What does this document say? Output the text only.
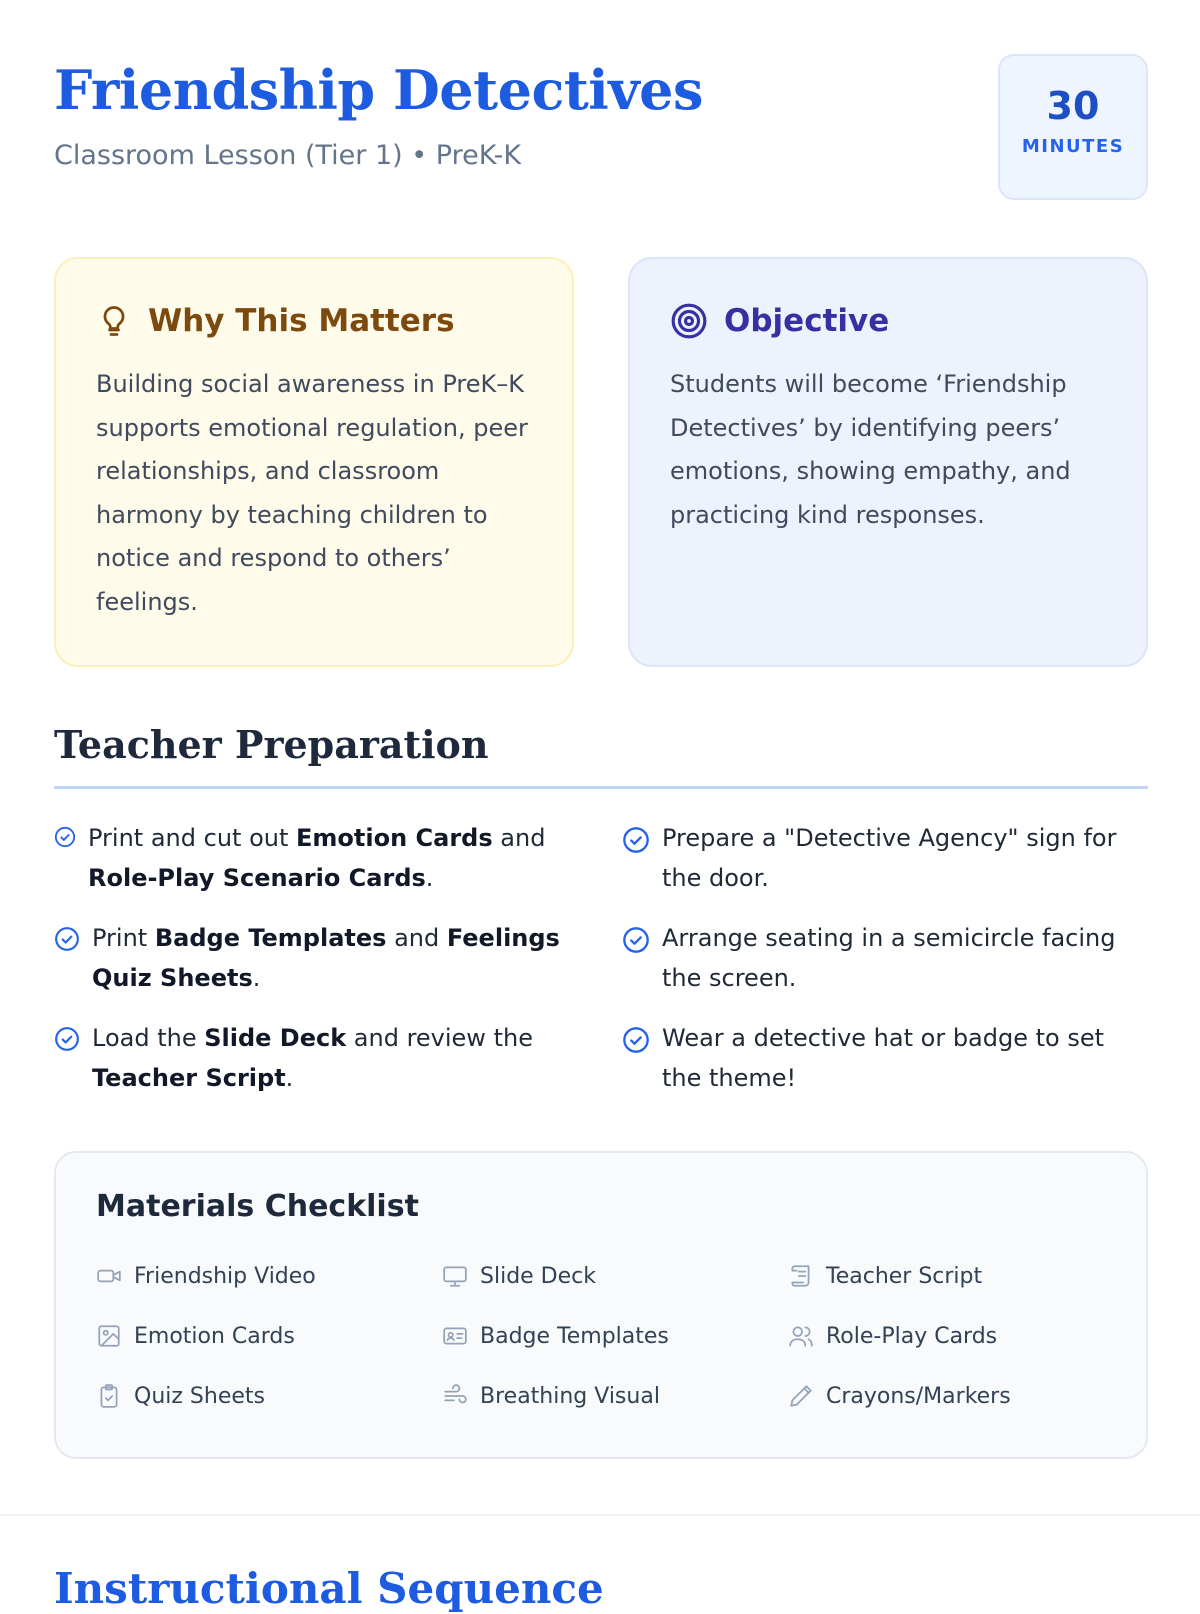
Friendship Detectives

Classroom Lesson (Tier 1) • PreK-K

30
MINUTES
Why This Matters
Building social awareness in PreK–K supports emotional regulation, peer relationships, and classroom harmony by teaching children to notice and respond to others’ feelings.
Objective
Students will become ‘Friendship Detectives’ by identifying peers’ emotions, showing empathy, and practicing kind responses.
Teacher Preparation
Print and cut out Emotion Cards and Role-Play Scenario Cards.
Print Badge Templates and Feelings Quiz Sheets.
Load the Slide Deck and review the Teacher Script.
Prepare a "Detective Agency" sign for the door.
Arrange seating in a semicircle facing the screen.
Wear a detective hat or badge to set the theme!
Materials Checklist
Friendship Video	Slide Deck	Teacher Script
Emotion Cards	Badge Templates	Role-Play Cards
Quiz Sheets	Breathing Visual	Crayons/Markers
Instructional Sequence
